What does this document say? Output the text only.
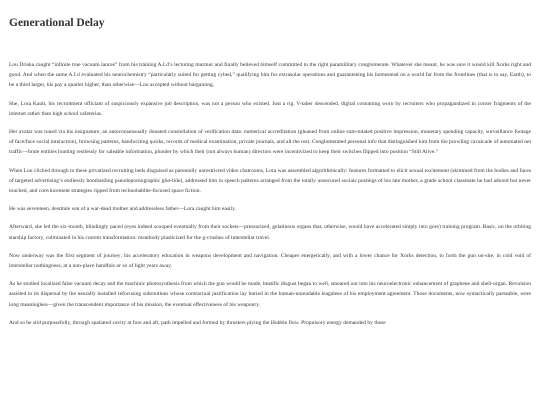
Generational Delay

Lou Driska caught “infinite true vacuum lances” from his training A.I.d’s lecturing murmur and finally believed himself committed to the right paramilitary conglomerate. Whatever she meant, he was sure it would kill Xorks right and good. And when the same A.I.d evaluated his neurochemistry “particularly suited for getting cybed,” qualifying him for extrasolar operations and guaranteeing his homestead on a world far from the frontlines (that is to say, Earth), to be a third larger, his pay a quarter higher, than otherwise—Lou accepted without bargaining.

She, Lora Kault, his recruitment officiant of suspiciously expansive job description, was not a person who existed. Just a rig. V-taber descended, digital costuming worn by recruiters who propagandized in corner fragments of the internet rather than high school cafeterias.

Her avatar was tuned via his insignature, an autoconsensually donated constellation of verification data: numerical accreditation (gleaned from online sum-totaled positive impression, monetary spending capacity, surveillance footage of face/face social interaction), browsing patterns, handwriting quirks, records of medical examination, private journals, and all the rest. Conglomerated personal info that distinguished him from the prowling cavalcade of automated net traffic—brute entities hunting restlessly for saleable information, plunder by which their (not always human) directors were incentivized to keep their switches flipped into position “Still Alive.”

When Lou clicked through to these privatized recruiting beds disguised as parentally unrestricted video chatrooms, Lora was assembled algorithmically: features formatted to elicit sexual excitement (skimmed from the bodies and faces of targeted advertising’s endlessly bombarding pseudopornographic glut-tide), addressed him in speech patterns arranged from the totally unsecured socials postings of his late mother, a grade school classmate he had adored but never touched, and convincement strategies ripped from technobabble-focused space fiction.

He was seventeen, destitute son of a war-dead mother and addressless father—Lora caught him easily.

Afterward, she led the six-month, blindingly paced (eyes indeed scooped eventually from their sockets—pressurized, gelatinous organs that, otherwise, would have accelerated simply into gore) training program. Basic, on the orbiting starship factory, culminated in his current transformation: meatbody plasticized for the g-crushes of interstellar travel.

Now underway was the first segment of journey: his acceleratory education in weapons development and navigation. Cheaper energetically, and with a lower chance for Xorks detection, to form the gun on-site, in cold void of interstellar nothingness, at a non-place handfuls or so of light years away.

As he studied localized false vacuum decay and the machinic photosynthesis from which the gun would be made, beatific disgust began to well, smeared out into his neuroelectronic enhancement of graphene and shell-organ. Revulsion assisted in its dispersal by the neurally installed refocusing subroutines whose contractual justification lay buried in the human-unreadable leagalese of his employment agreement. Those documents, now syntactically parseable, were long meaningless—given the transcendent importance of his mission, the eventual effectiveness of his weaponry.

And so he slid purposefully, through spatiated cavity at fore and aft, path impelled and formed by thrusters plying the Hubble flow. Propulsory energy demanded by these
